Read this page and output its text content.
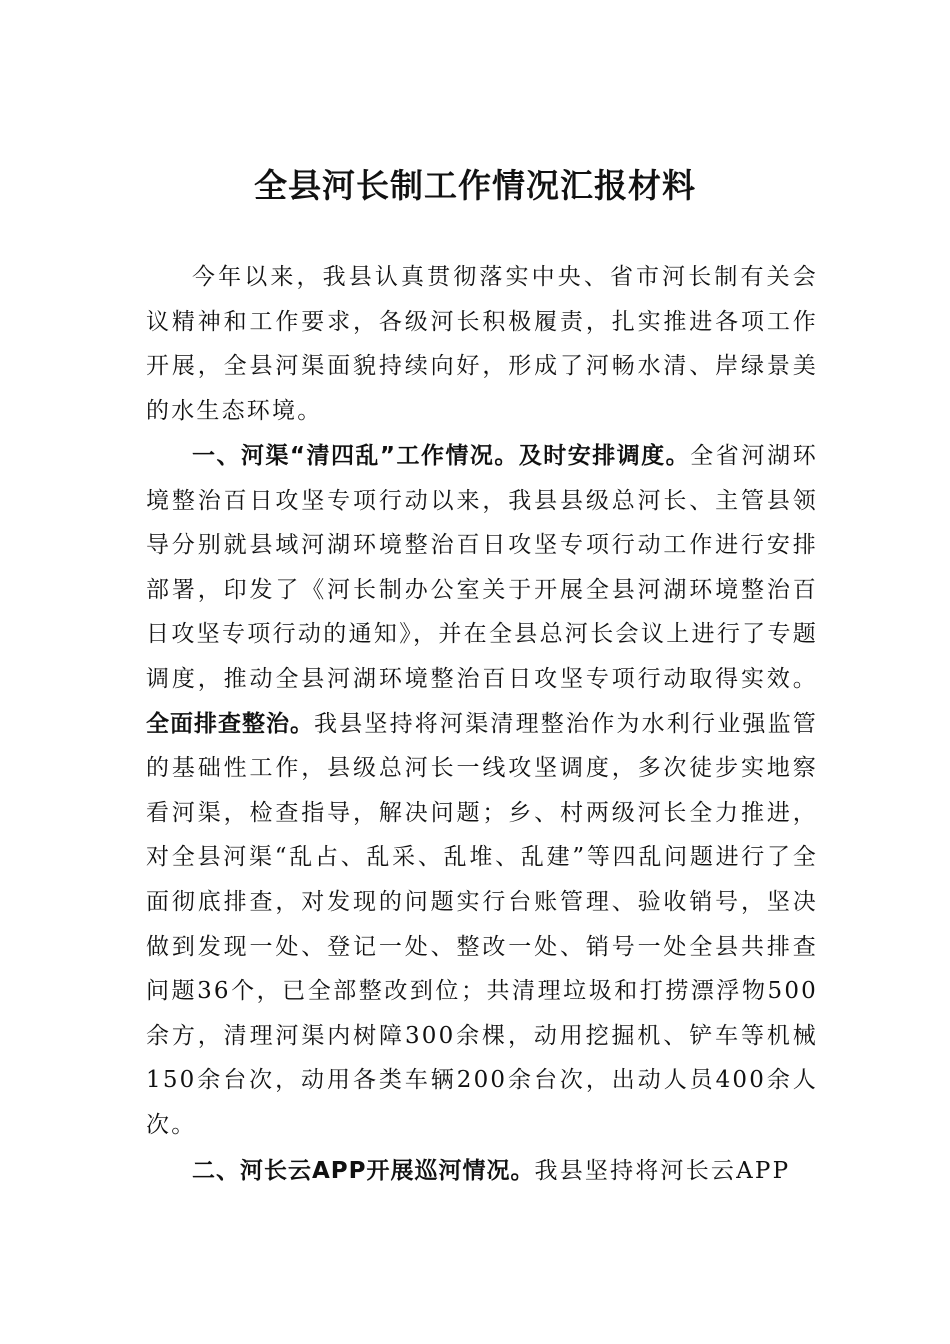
全县河长制工作情况汇报材料

今年以来，我县认真贯彻落实中央、省市河长制有关会议精神和工作要求，各级河长积极履责，扎实推进各项工作开展，全县河渠面貌持续向好，形成了河畅水清、岸绿景美的水生态环境。

一、河渠“清四乱”工作情况。及时安排调度。全省河湖环境整治百日攻坚专项行动以来，我县县级总河长、主管县领导分别就县域河湖环境整治百日攻坚专项行动工作进行安排部署，印发了《河长制办公室关于开展全县河湖环境整治百日攻坚专项行动的通知》，并在全县总河长会议上进行了专题调度，推动全县河湖环境整治百日攻坚专项行动取得实效。全面排查整治。我县坚持将河渠清理整治作为水利行业强监管的基础性工作，县级总河长一线攻坚调度，多次徒步实地察看河渠，检查指导，解决问题；乡、村两级河长全力推进，对全县河渠“乱占、乱采、乱堆、乱建”等四乱问题进行了全面彻底排查，对发现的问题实行台账管理、验收销号，坚决做到发现一处、登记一处、整改一处、销号一处全县共排查问题36个，已全部整改到位；共清理垃圾和打捞漂浮物500余方，清理河渠内树障300余棵，动用挖掘机、铲车等机械150余台次，动用各类车辆200余台次，出动人员400余人次。

二、河长云APP开展巡河情况。我县坚持将河长云APP
